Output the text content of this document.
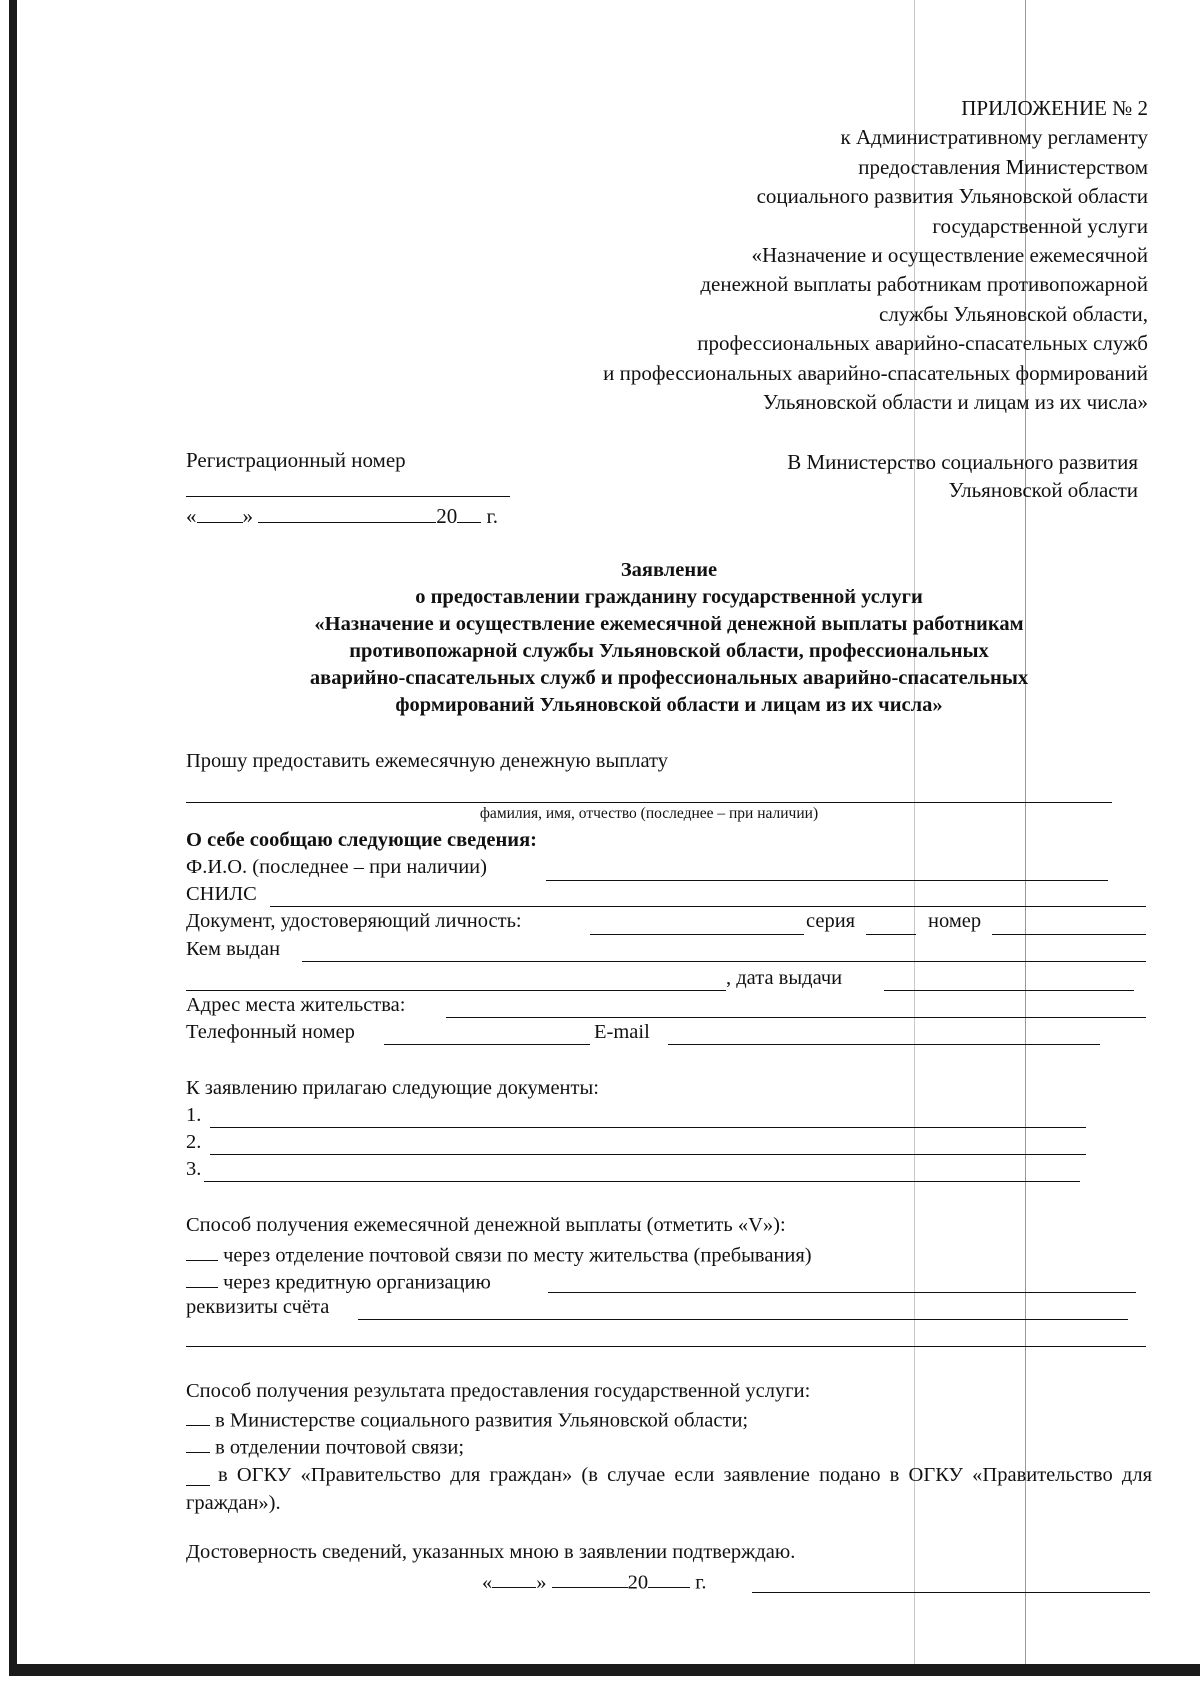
ПРИЛОЖЕНИЕ № 2
к Административному регламенту
предоставления Министерством
социального развития Ульяновской области
государственной услуги
«Назначение и осуществление ежемесячной
денежной выплаты работникам противопожарной
службы Ульяновской области,
профессиональных аварийно-спасательных служб
и профессиональных аварийно-спасательных формирований
Ульяновской области и лицам из их числа»
Регистрационный номер
« »	20 г.
В Министерство социального развития
Ульяновской области
Заявление
о предоставлении гражданину государственной услуги
«Назначение и осуществление ежемесячной денежной выплаты работникам
противопожарной службы Ульяновской области, профессиональных
аварийно-спасательных служб и профессиональных аварийно-спасательных
формирований Ульяновской области и лицам из их числа»
Прошу предоставить ежемесячную денежную выплату
фамилия, имя, отчество (последнее – при наличии)
О себе сообщаю следующие сведения:
Ф.И.О. (последнее – при наличии)
СНИЛС
Документ, удостоверяющий личность:	серия	номер
Кем выдан
, дата выдачи
Адрес места жительства:
Телефонный номер	E-mail
К заявлению прилагаю следующие документы:
1.
2.
3.
Способ получения ежемесячной денежной выплаты (отметить «V»):
через отделение почтовой связи по месту жительства (пребывания)
через кредитную организацию
реквизиты счёта
Способ получения результата предоставления государственной услуги:
в Министерстве социального развития Ульяновской области;
в отделении почтовой связи;
в ОГКУ «Правительство для граждан» (в случае если заявление подано в ОГКУ «Правительство для граждан»).
Достоверность сведений, указанных мною в заявлении подтверждаю.
« »	20 г.
